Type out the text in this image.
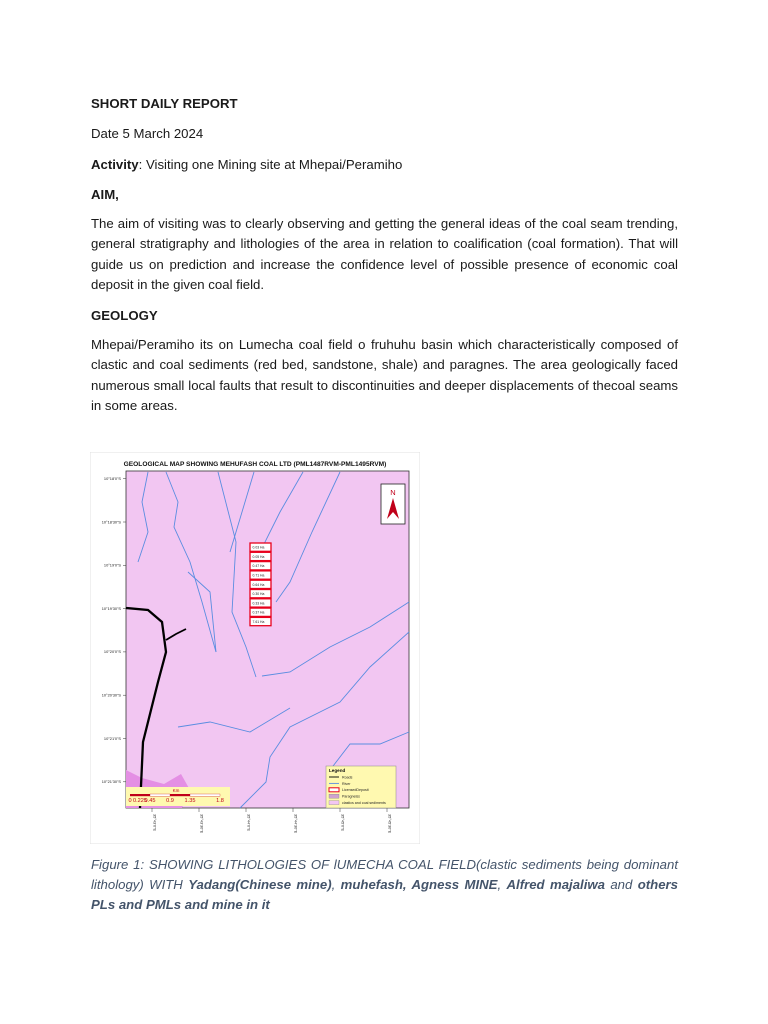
SHORT DAILY REPORT
Date 5 March 2024
Activity: Visiting one Mining site at Mhepai/Peramiho
AIM,
The aim of visiting was to clearly observing and getting the general ideas of the coal seam trending, general stratigraphy and lithologies of the area in relation to coalification (coal formation). That will guide us on prediction and increase the confidence level of possible presence of economic coal deposit in the given coal field.
GEOLOGY
Mhepai/Peramiho its on Lumecha coal field o fruhuhu basin which characteristically composed of clastic and coal sediments (red bed, sandstone, shale) and paragnes. The area geologically faced numerous small local faults that result to discontinuities and deeper displacements of thecoal seams in some areas.
GEOLOGICAL MAP SHOWING MEHUFASH COAL LTD (PML1487RVM-PML1495RVM)
N
10°18'0"S
10°18'30"S
10°19'0"S
10°19'30"S
10°20'0"S
10°20'30"S
10°21'0"S
10°21'30"S
35°43'0"E	35°43'30"E	35°44'0"E	35°44'30"E	35°45'0"E	35°45'30"E
0.03 Ha
0.05 Ha
0.47 Ha
0.71 Ha
0.64 Ha
0.30 Ha
0.33 Ha
0.37 Ha
7.61 Ha
Legend
Roads
River
LicensedDeposit
Paragneiss
clastics and coal sediments
Km
0 0.225
0.45 0.9 1.35	1.8
Figure 1: SHOWING LITHOLOGIES OF lUMECHA COAL FIELD(clastic sediments being dominant lithology) WITH Yadang(Chinese mine), muhefash, Agness MINE, Alfred majaliwa and others PLs and PMLs and mine in it
